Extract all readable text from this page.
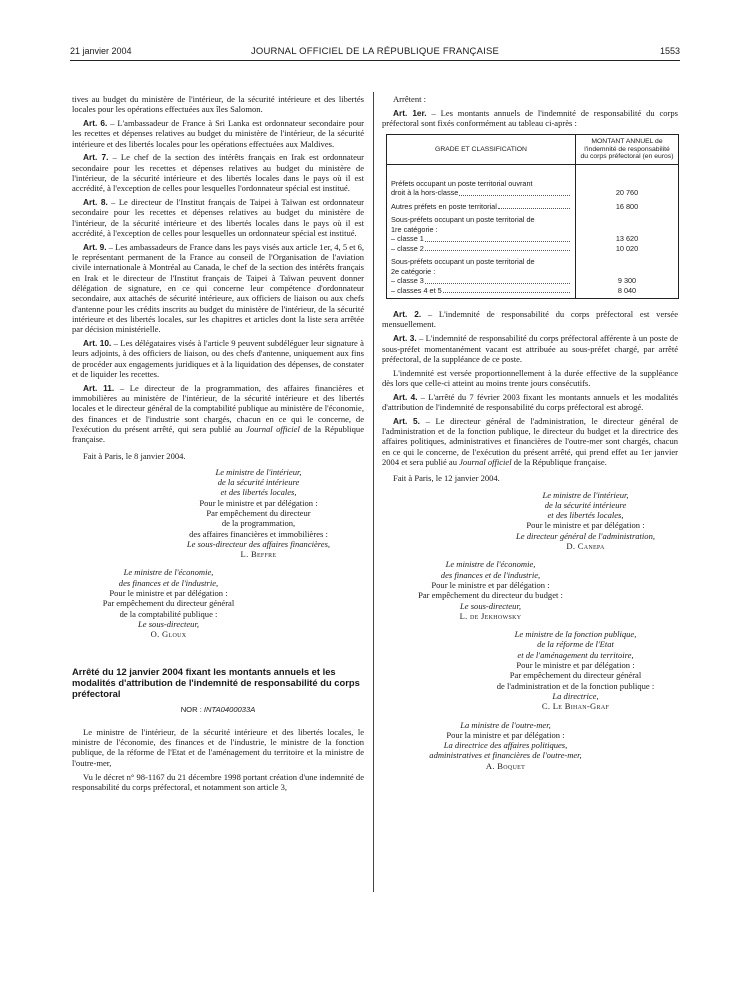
21 janvier 2004	JOURNAL OFFICIEL DE LA RÉPUBLIQUE FRANÇAISE	1553

tives au budget du ministère de l'intérieur, de la sécurité intérieure et des libertés locales pour les opérations effectuées aux îles Salomon.

Art. 6. – L'ambassadeur de France à Sri Lanka est ordonnateur secondaire pour les recettes et dépenses relatives au budget du ministère de l'intérieur, de la sécurité intérieure et des libertés locales pour les opérations effectuées aux Maldives.

Art. 7. – Le chef de la section des intérêts français en Irak est ordonnateur secondaire pour les recettes et dépenses relatives au budget du ministère de l'intérieur, de la sécurité intérieure et des libertés locales dans le pays où il est accrédité, à l'exception de celles pour lesquelles l'ordonnateur spécial est institué.

Art. 8. – Le directeur de l'Institut français de Taipei à Taïwan est ordonnateur secondaire pour les recettes et dépenses relatives au budget du ministère de l'intérieur, de la sécurité intérieure et des libertés locales dans le pays où il est accrédité, à l'exception de celles pour lesquelles un ordonnateur spécial est institué.

Art. 9. – Les ambassadeurs de France dans les pays visés aux article 1er, 4, 5 et 6, le représentant permanent de la France au conseil de l'Organisation de l'aviation civile internationale à Montréal au Canada, le chef de la section des intérêts français en Irak et le directeur de l'Institut français de Taipei à Taïwan peuvent donner délégation de signature, en ce qui concerne leur compétence d'ordonnateur secondaire, aux attachés de sécurité intérieure, aux officiers de liaison ou aux chefs d'antenne pour les crédits inscrits au budget du ministère de l'intérieur, de la sécurité intérieure et des libertés locales, sur les chapitres et articles dont la liste sera arrêtée par décision ministérielle.

Art. 10. – Les délégataires visés à l'article 9 peuvent subdéléguer leur signature à leurs adjoints, à des officiers de liaison, ou des chefs d'antenne, uniquement aux fins de procéder aux engagements juridiques et à la liquidation des dépenses, de constater et de liquider les recettes.

Art. 11. – Le directeur de la programmation, des affaires financières et immobilières au ministère de l'intérieur, de la sécurité intérieure et des libertés locales et le directeur général de la comptabilité publique au ministère de l'économie, des finances et de l'industrie sont chargés, chacun en ce qui le concerne, de l'exécution du présent arrêté, qui sera publié au Journal officiel de la République française.

Fait à Paris, le 8 janvier 2004.

Le ministre de l'intérieur,

de la sécurité intérieure

et des libertés locales,

Pour le ministre et par délégation :

Par empêchement du directeur

de la programmation,

des affaires financières et immobilières :

Le sous-directeur des affaires financières,

L. Beffre

Le ministre de l'économie,

des finances et de l'industrie,

Pour le ministre et par délégation :

Par empêchement du directeur général

de la comptabilité publique :

Le sous-directeur,

O. Gloux

Arrêté du 12 janvier 2004 fixant les montants annuels et les modalités d'attribution de l'indemnité de responsabilité du corps préfectoral
NOR : INTA0400033A

Le ministre de l'intérieur, de la sécurité intérieure et des libertés locales, le ministre de l'économie, des finances et de l'industrie, le ministre de la fonction publique, de la réforme de l'Etat et de l'aménagement du territoire et la ministre de l'outre-mer,

Vu le décret n° 98-1167 du 21 décembre 1998 portant création d'une indemnité de responsabilité du corps préfectoral, et notamment son article 3,

Arrêtent :

Art. 1er. – Les montants annuels de l'indemnité de responsabilité du corps préfectoral sont fixés conformément au tableau ci-après :

GRADE ET CLASSIFICATION	MONTANT ANNUEL de l'indemnité de responsabilité du corps préfectoral (en euros)
Préfets occupant un poste territorial ouvrant	

droit à la hors-classe	20 760

Autres préfets en poste territorial	16 800
Sous-préfets occupant un poste territorial de	
1re catégorie :	

– classe 1	13 620

– classe 2	10 020
Sous-préfets occupant un poste territorial de	
2e catégorie :	

– classe 3	9 300

– classes 4 et 5	8 040

Art. 2. – L'indemnité de responsabilité du corps préfectoral est versée mensuellement.

Art. 3. – L'indemnité de responsabilité du corps préfectoral afférente à un poste de sous-préfet momentanément vacant est attribuée au sous-préfet chargé, par arrêté préfectoral, de la suppléance de ce poste.

L'indemnité est versée proportionnellement à la durée effective de la suppléance dès lors que celle-ci atteint au moins trente jours consécutifs.

Art. 4. – L'arrêté du 7 février 2003 fixant les montants annuels et les modalités d'attribution de l'indemnité de responsabilité du corps préfectoral est abrogé.

Art. 5. – Le directeur général de l'administration, le directeur général de l'administration et de la fonction publique, le directeur du budget et la directrice des affaires politiques, administratives et financières de l'outre-mer sont chargés, chacun en ce qui le concerne, de l'exécution du présent arrêté, qui prend effet au 1er janvier 2004 et sera publié au Journal officiel de la République française.

Fait à Paris, le 12 janvier 2004.

Le ministre de l'intérieur,

de la sécurité intérieure

et des libertés locales,

Pour le ministre et par délégation :

Le directeur général de l'administration,

D. Canepa

Le ministre de l'économie,

des finances et de l'industrie,

Pour le ministre et par délégation :

Par empêchement du directeur du budget :

Le sous-directeur,

L. de Jekhowsky

Le ministre de la fonction publique,

de la réforme de l'Etat

et de l'aménagement du territoire,

Pour le ministre et par délégation :

Par empêchement du directeur général

de l'administration et de la fonction publique :

La directrice,

C. Le Bihan-Graf

La ministre de l'outre-mer,

Pour la ministre et par délégation :

La directrice des affaires politiques,

administratives et financières de l'outre-mer,

A. Boquet
